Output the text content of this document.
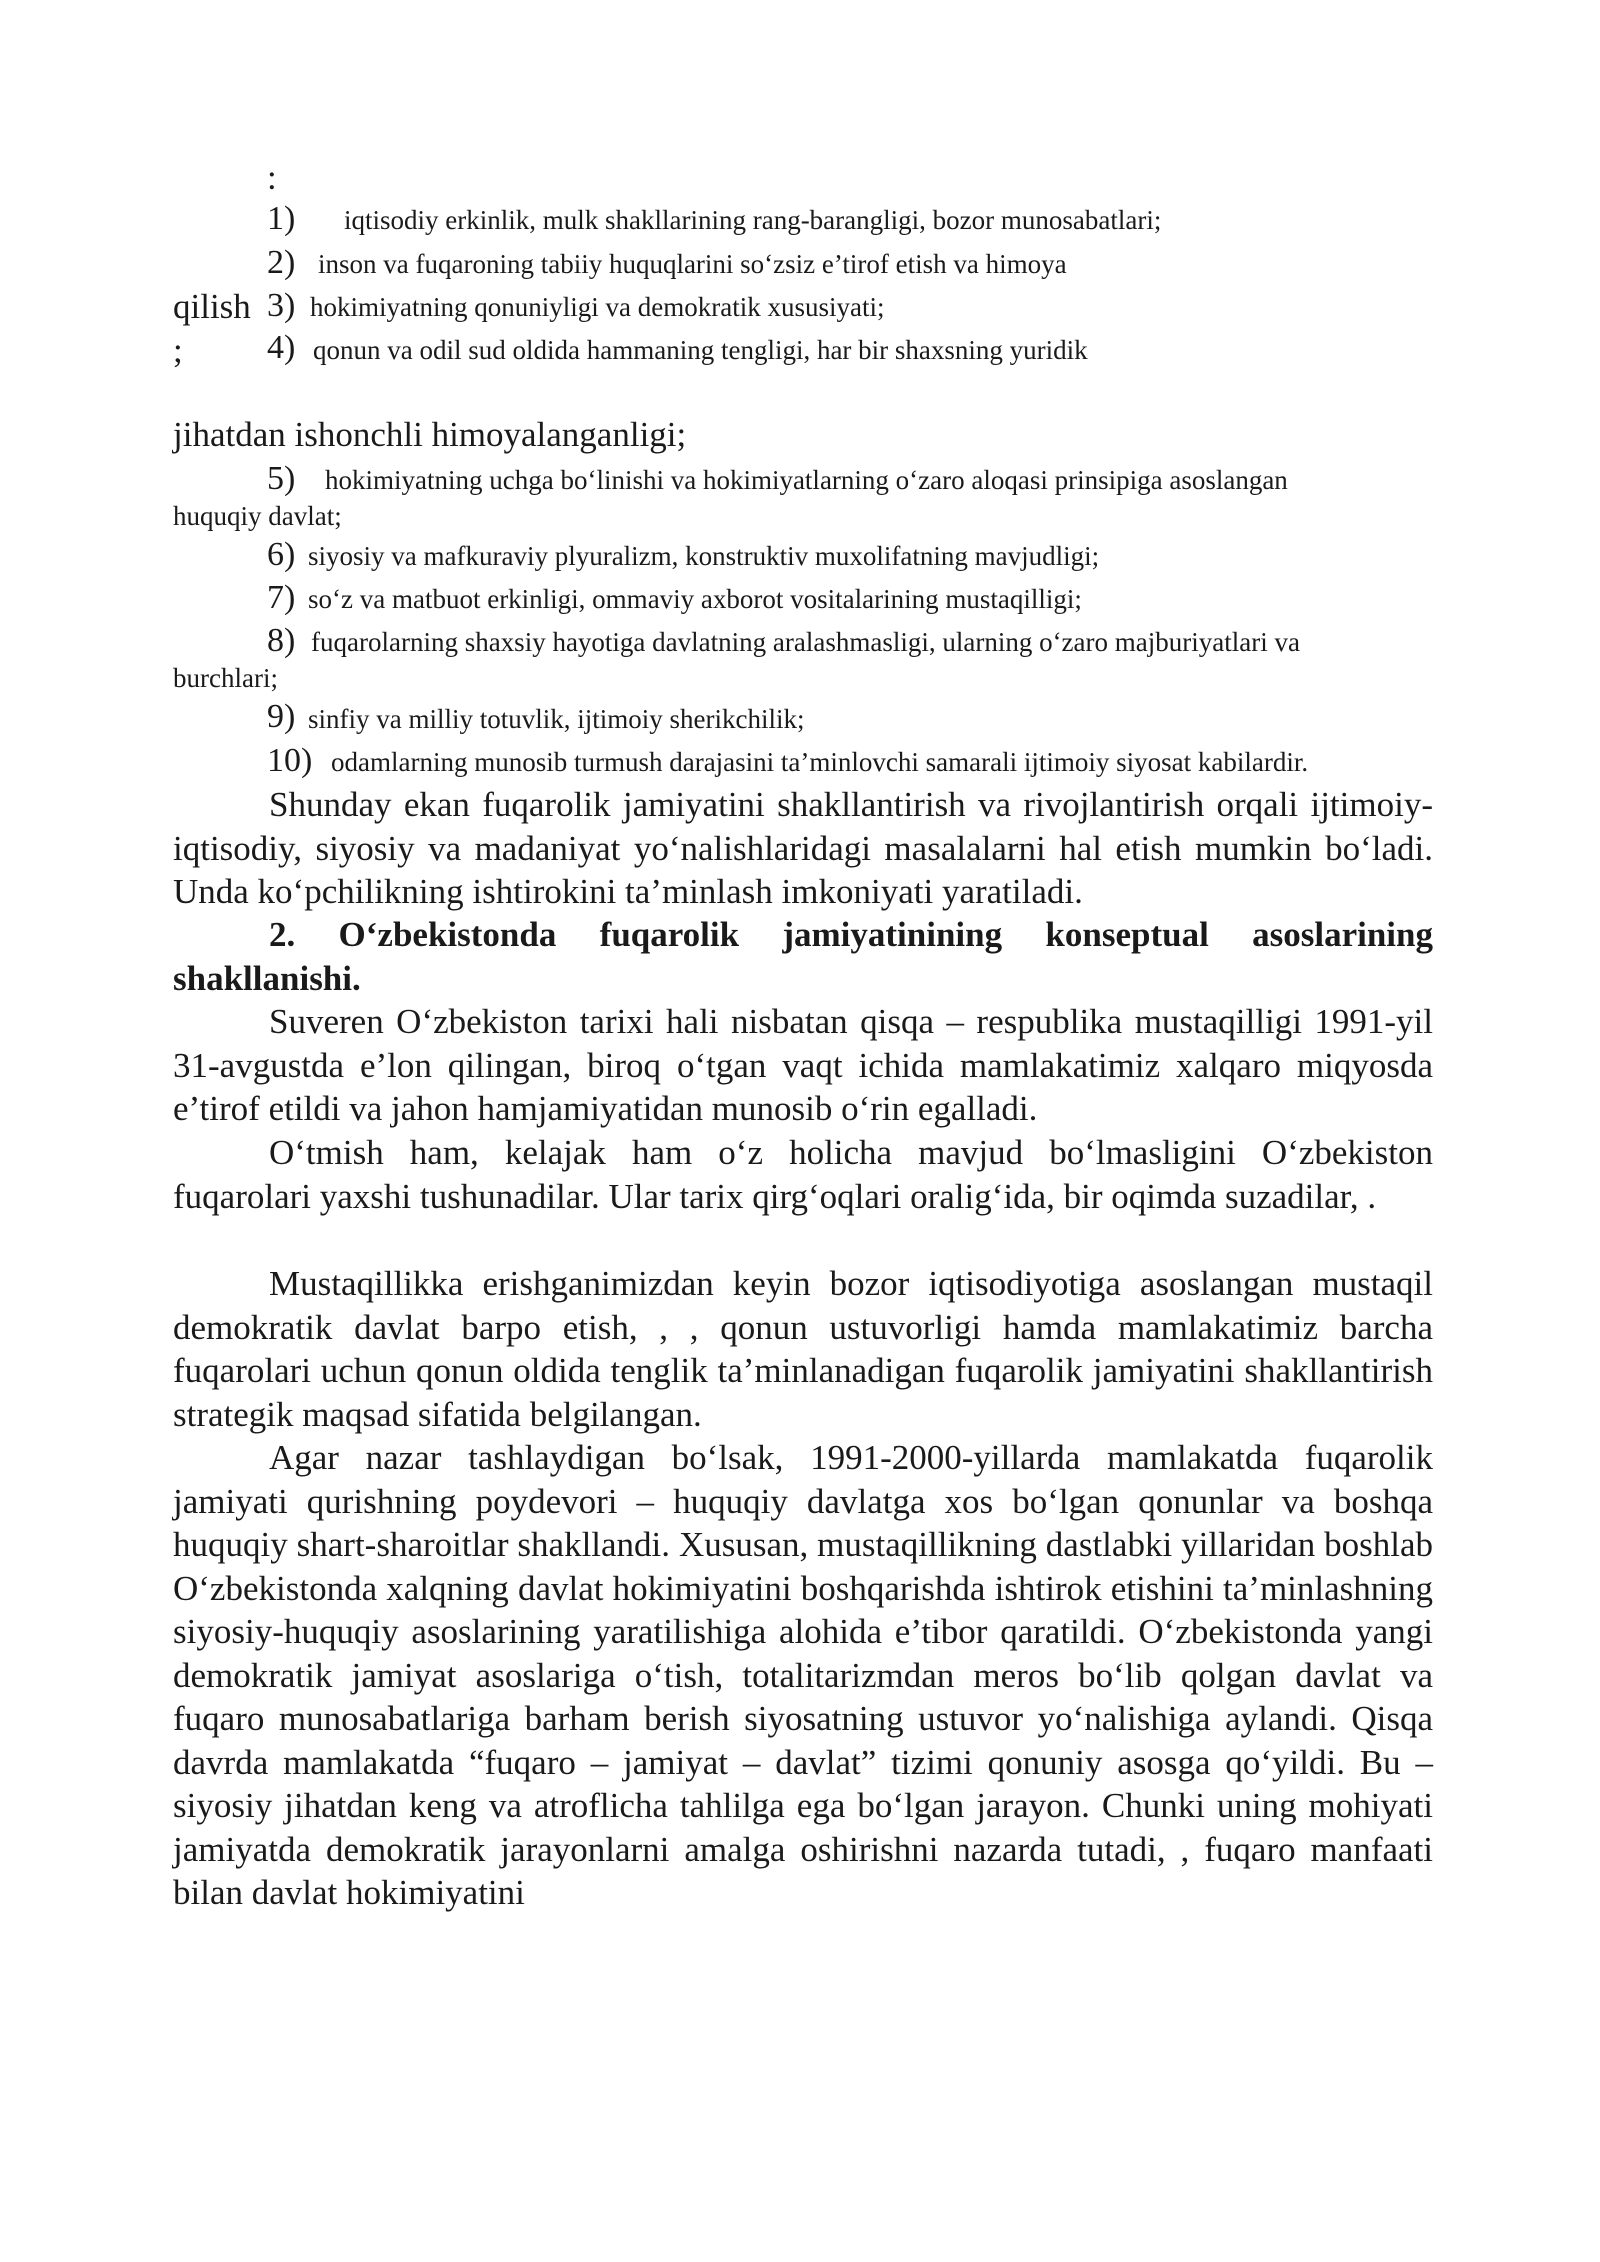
:
1) iqtisodiy erkinlik, mulk shakllarining rang-barangligi, bozor munosabatlari;
2) inson va fuqaroning tabiiy huquqlarini so‘zsiz e’tirof etish va himoya
qilish 3) hokimiyatning qonuniyligi va demokratik xususiyati;
; 4) qonun va odil sud oldida hammaning tengligi, har bir shaxsning yuridik
jihatdan ishonchli himoyalanganligi;
5) hokimiyatning uchga bo‘linishi va hokimiyatlarning o‘zaro aloqasi prinsipiga asoslangan
huquqiy davlat;
6) siyosiy va mafkuraviy plyuralizm, konstruktiv muxolifatning mavjudligi;
7) so‘z va matbuot erkinligi, ommaviy axborot vositalarining mustaqilligi;
8) fuqarolarning shaxsiy hayotiga davlatning aralashmasligi, ularning o‘zaro majburiyatlari va
burchlari;
9) sinfiy va milliy totuvlik, ijtimoiy sherikchilik;
10) odamlarning munosib turmush darajasini ta’minlovchi samarali ijtimoiy siyosat kabilardir.

Shunday ekan fuqarolik jamiyatini shakllantirish va rivojlantirish orqali ijtimoiy-iqtisodiy, siyosiy va madaniyat yo‘nalishlaridagi masalalarni hal etish mumkin bo‘ladi. Unda ko‘pchilikning ishtirokini ta’minlash imkoniyati yaratiladi.

2. O‘zbekistonda fuqarolik jamiyatinining konseptual asoslarining shakllanishi.

Suveren O‘zbekiston tarixi hali nisbatan qisqa – respublika mustaqilligi 1991-yil 31-avgustda e’lon qilingan, biroq o‘tgan vaqt ichida mamlakatimiz xalqaro miqyosda e’tirof etildi va jahon hamjamiyatidan munosib o‘rin egalladi.

O‘tmish ham, kelajak ham o‘z holicha mavjud bo‘lmasligini O‘zbekiston fuqarolari yaxshi tushunadilar. Ular tarix qirg‘oqlari oralig‘ida, bir oqimda suzadilar, .

Mustaqillikka erishganimizdan keyin bozor iqtisodiyotiga asoslangan mustaqil demokratik davlat barpo etish, , , qonun ustuvorligi hamda mamlakatimiz barcha fuqarolari uchun qonun oldida tenglik ta’minlanadigan fuqarolik jamiyatini shakllantirish strategik maqsad sifatida belgilangan.

Agar nazar tashlaydigan bo‘lsak, 1991-2000-yillarda mamlakatda fuqarolik jamiyati qurishning poydevori – huquqiy davlatga xos bo‘lgan qonunlar va boshqa huquqiy shart-sharoitlar shakllandi. Xususan, mustaqillikning dastlabki yillaridan boshlab O‘zbekistonda xalqning davlat hokimiyatini boshqarishda ishtirok etishini ta’minlashning siyosiy-huquqiy asoslarining yaratilishiga alohida e’tibor qaratildi. O‘zbekistonda yangi demokratik jamiyat asoslariga o‘tish, totalitarizmdan meros bo‘lib qolgan davlat va fuqaro munosabatlariga barham berish siyosatning ustuvor yo‘nalishiga aylandi. Qisqa davrda mamlakatda “fuqaro – jamiyat – davlat” tizimi qonuniy asosga qo‘yildi. Bu – siyosiy jihatdan keng va atroflicha tahlilga ega bo‘lgan jarayon. Chunki uning mohiyati jamiyatda demokratik jarayonlarni amalga oshirishni nazarda tutadi, , fuqaro manfaati bilan davlat hokimiyatini
